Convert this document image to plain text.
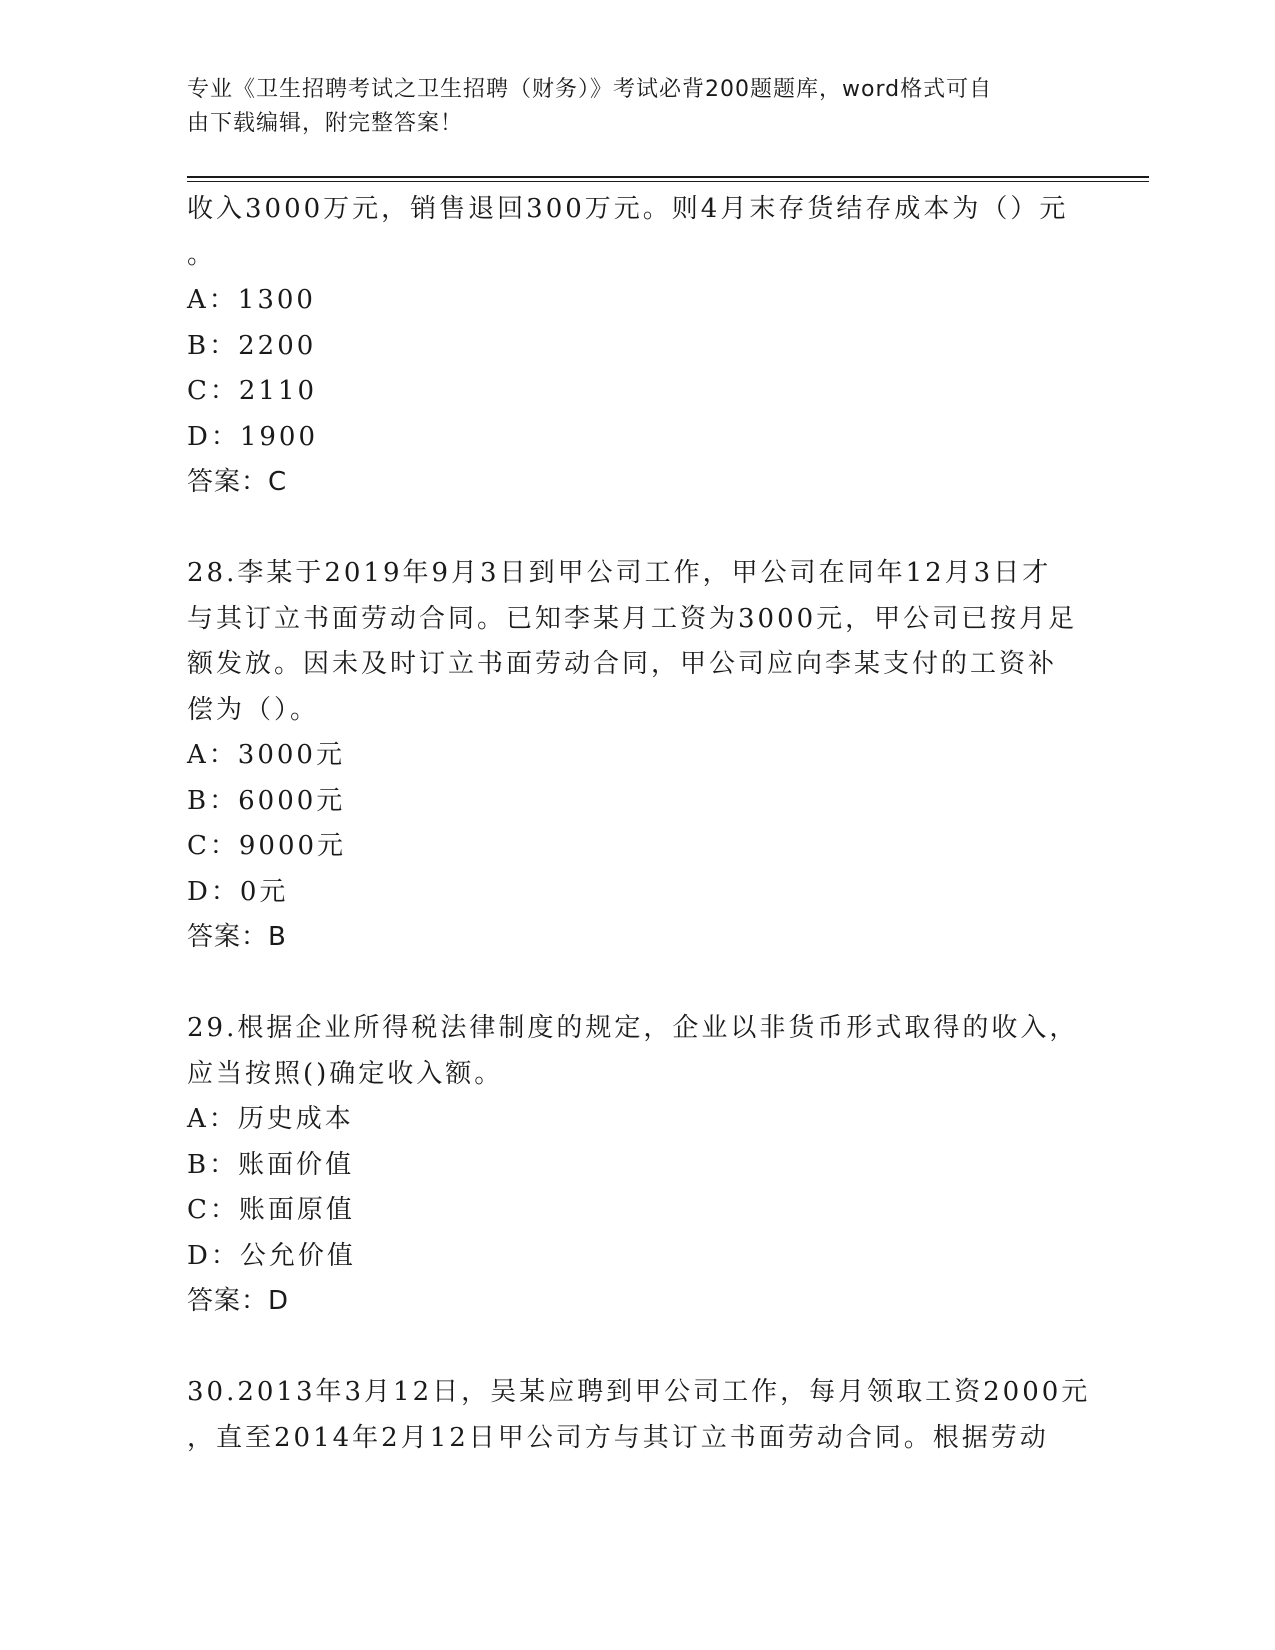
专业《卫生招聘考试之卫生招聘（财务）》考试必背200题题库，word格式可自
由下载编辑，附完整答案！
收入3000万元，销售退回300万元。则4月末存货结存成本为（）元
。
A：1300
B：2200
C：2110
D：1900
答案：C
28.李某于2019年9月3日到甲公司工作，甲公司在同年12月3日才
与其订立书面劳动合同。已知李某月工资为3000元，甲公司已按月足
额发放。因未及时订立书面劳动合同，甲公司应向李某支付的工资补
偿为（）。
A：3000元
B：6000元
C：9000元
D：0元
答案：B
29.根据企业所得税法律制度的规定，企业以非货币形式取得的收入，
应当按照()确定收入额。
A：历史成本
B：账面价值
C：账面原值
D：公允价值
答案：D
30.2013年3月12日，吴某应聘到甲公司工作，每月领取工资2000元
，直至2014年2月12日甲公司方与其订立书面劳动合同。根据劳动
